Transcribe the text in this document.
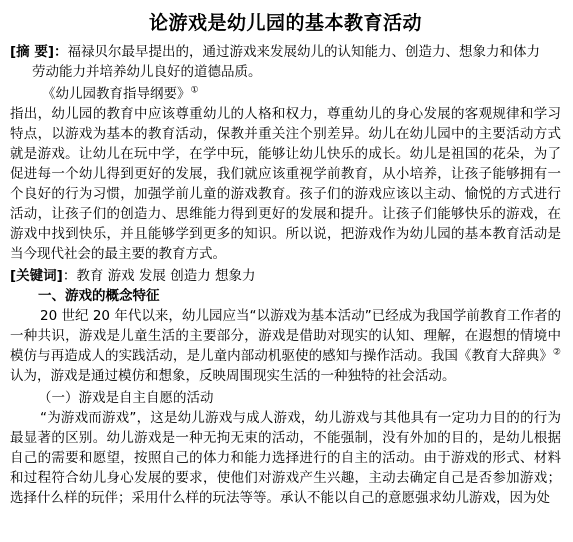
论游戏是幼儿园的基本教育活动

[摘 要]：福禄贝尔最早提出的，通过游戏来发展幼儿的认知能力、创造力、想象力和体力

劳动能力并培养幼儿良好的道德品质。

《幼儿园教育指导纲要》①

指出，幼儿园的教育中应该尊重幼儿的人格和权力，尊重幼儿的身心发展的客观规律和学习特点，以游戏为基本的教育活动，保教并重关注个别差异。幼儿在幼儿园中的主要活动方式就是游戏。让幼儿在玩中学，在学中玩，能够让幼儿快乐的成长。幼儿是祖国的花朵，为了促进每一个幼儿得到更好的发展，我们就应该重视学前教育，从小培养，让孩子能够拥有一个良好的行为习惯，加强学前儿童的游戏教育。孩子们的游戏应该以主动、愉悦的方式进行活动，让孩子们的创造力、思维能力得到更好的发展和提升。让孩子们能够快乐的游戏，在游戏中找到快乐，并且能够学到更多的知识。所以说，把游戏作为幼儿园的基本教育活动是当今现代社会的最主要的教育方式。

[关键词]：教育 游戏 发展 创造力 想象力

一、游戏的概念特征

20 世纪 20 年代以来，幼儿园应当“以游戏为基本活动”已经成为我国学前教育工作者的一种共识，游戏是儿童生活的主要部分，游戏是借助对现实的认知、理解，在遐想的情境中模仿与再造成人的实践活动，是儿童内部动机驱使的感知与操作活动。我国《教育大辞典》②认为，游戏是通过模仿和想象，反映周围现实生活的一种独特的社会活动。

（一）游戏是自主自愿的活动

“为游戏而游戏”，这是幼儿游戏与成人游戏，幼儿游戏与其他具有一定功力目的的行为最显著的区别。幼儿游戏是一种无拘无束的活动，不能强制，没有外加的目的，是幼儿根据自己的需要和愿望，按照自己的体力和能力选择进行的自主的活动。由于游戏的形式、材料和过程符合幼儿身心发展的要求，使他们对游戏产生兴趣，主动去确定自己是否参加游戏；选择什么样的玩伴；采用什么样的玩法等等。承认不能以自己的意愿强求幼儿游戏，因为处
